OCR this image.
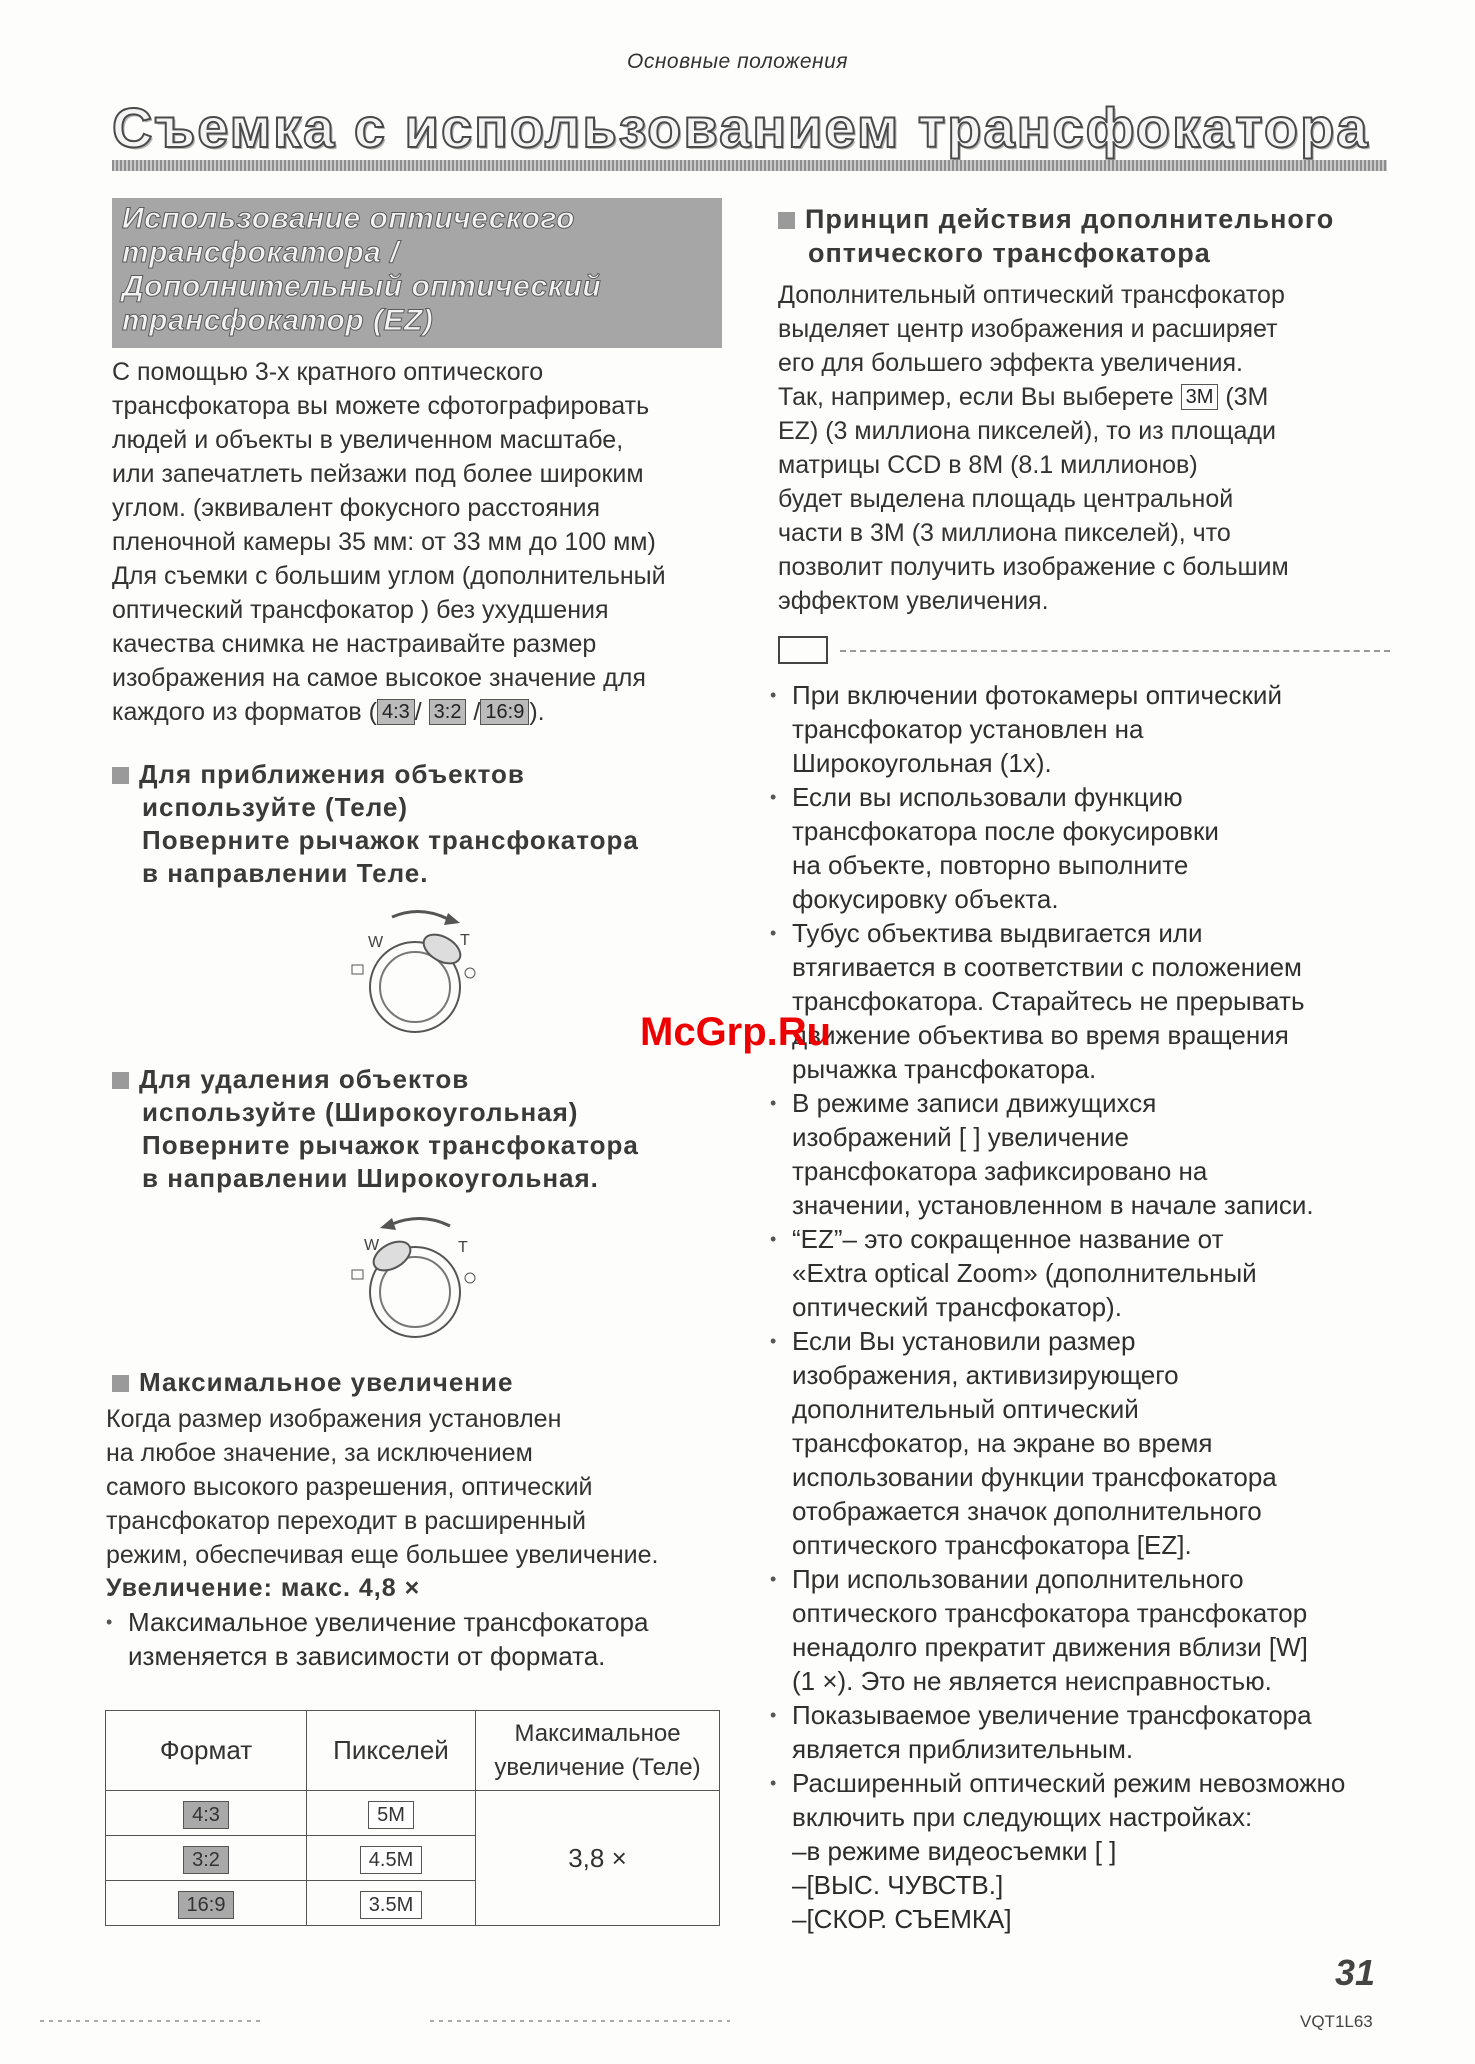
Основные положения
Съемка с использованием трансфокатора
Использование оптического
трансфокатора /
Дополнительный оптический
трансфокатор (EZ)
С помощью 3-х кратного оптического
трансфокатора вы можете сфотографировать
людей и объекты в увеличенном масштабе,
или запечатлеть пейзажи под более широким
углом. (эквивалент фокусного расстояния
пленочной камеры 35 мм: от 33 мм до 100 мм)
Для съемки с большим углом (дополнительный
оптический трансфокатор ) без ухудшения
качества снимка не настраивайте размер
изображения на самое высокое значение для
каждого из форматов ( 4:3 / 3:2 / 16:9 ).
Для приближения объектов
используйте (Теле)
Поверните рычажок трансфокатора
в направлении Теле.
W	T
Для удаления объектов
используйте (Широкоугольная)
Поверните рычажок трансфокатора
в направлении Широкоугольная.
W	T
Максимальное увеличение
Когда размер изображения установлен
на любое значение, за исключением
самого высокого разрешения, оптический
трансфокатор переходит в расширенный
режим, обеспечивая еще большее увеличение.
Увеличение: макс. 4,8 ×
• Максимальное увеличение трансфокатора
изменяется в зависимости от формата.
Формат	Пикселей	Максимальное
увеличение (Теле)
4:3	5M	3,8 ×
3:2	4.5M	
16:9	3.5M	
Принцип действия дополнительного
оптического трансфокатора
Дополнительный оптический трансфокатор
выделяет центр изображения и расширяет
его для большего эффекта увеличения.
Так, например, если Вы выберете 3M (3M
EZ) (3 миллиона пикселей), то из площади
матрицы CCD в 8M (8.1 миллионов)
будет выделена площадь центральной
части в 3M (3 миллиона пикселей), что
позволит получить изображение с большим
эффектом увеличения.
• При включении фотокамеры оптический
трансфокатор установлен на
Широкоугольная (1x).
• Если вы использовали функцию
трансфокатора после фокусировки
на объекте, повторно выполните
фокусировку объекта.
• Тубус объектива выдвигается или
втягивается в соответствии с положением
трансфокатора. Старайтесь не прерывать
движение объектива во время вращения
рычажка трансфокатора.
• В режиме записи движущихся
изображений [ ] увеличение
трансфокатора зафиксировано на
значении, установленном в начале записи.
• “EZ”– это сокращенное название от
«Extra optical Zoom» (дополнительный
оптический трансфокатор).
• Если Вы установили размер
изображения, активизирующего
дополнительный оптический
трансфокатор, на экране во время
использовании функции трансфокатора
отображается значок дополнительного
оптического трансфокатора [EZ].
• При использовании дополнительного
оптического трансфокатора трансфокатор
ненадолго прекратит движения вблизи [W]
(1 ×). Это не является неисправностью.
• Показываемое увеличение трансфокатора
является приблизительным.
• Расширенный оптический режим невозможно
включить при следующих настройках:
–в режиме видеосъемки [ ]
–[ВЫС. ЧУВСТВ.]
–[СКОР. СЪЕМКА]
McGrp.Ru
31
VQT1L63
